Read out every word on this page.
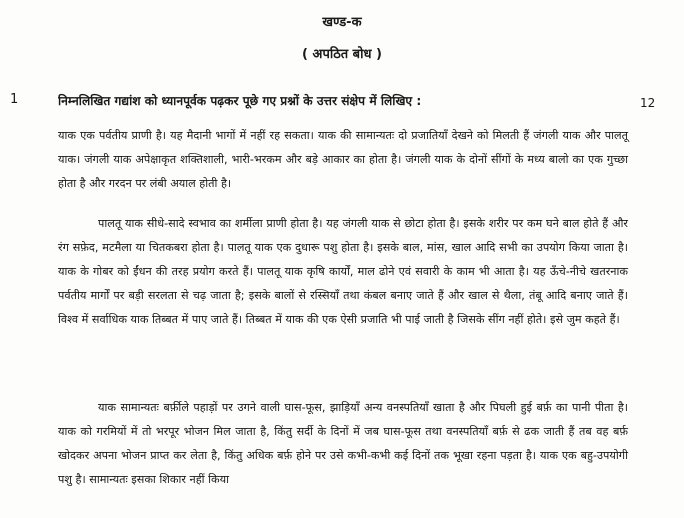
खण्ड-क
( अपठित बोध )
1	निम्नलिखित गद्यांश को ध्यानपूर्वक पढ़कर पूछे गए प्रश्नों के उत्तर संक्षेप में लिखिए :	12
याक एक पर्वतीय प्राणी है। यह मैदानी भागों में नहीं रह सकता। याक की सामान्यतः दो प्रजातियाँ देखने को मिलती हैं जंगली याक और पालतू याक। जंगली याक अपेक्षाकृत शक्तिशाली, भारी-भरकम और बड़े आकार का होता है। जंगली याक के दोनों सींगों के मध्य बालो का एक गुच्छा होता है और गरदन पर लंबी अयाल होती है।
पालतू याक सीधे-सादे स्वभाव का शर्मीला प्राणी होता है। यह जंगली याक से छोटा होता है। इसके शरीर पर कम घने बाल होते हैं और रंग सफ़ेद, मटमैला या चितकबरा होता है। पालतू याक एक दुधारू पशु होता है। इसके बाल, मांस, खाल आदि सभी का उपयोग किया जाता है। याक के गोबर को ईंधन की तरह प्रयोग करते हैं। पालतू याक कृषि कार्यों, माल ढोने एवं सवारी के काम भी आता है। यह ऊँचे-नीचे खतरनाक पर्वतीय मार्गों पर बड़ी सरलता से चढ़ जाता है; इसके बालों से रस्सियाँ तथा कंबल बनाए जाते हैं और खाल से थैला, तंबू आदि बनाए जाते हैं। विश्व में सर्वाधिक याक तिब्बत में पाए जाते हैं। तिब्बत में याक की एक ऐसी प्रजाति भी पाई जाती है जिसके सींग नहीं होते। इसे जुम कहते हैं।
याक सामान्यतः बर्फ़ीले पहाड़ों पर उगने वाली घास-फूस, झाड़ियाँ अन्य वनस्पतियाँ खाता है और पिघली हुई बर्फ़ का पानी पीता है। याक को गरमियों में तो भरपूर भोजन मिल जाता है, किंतु सर्दी के दिनों में जब घास-फूस तथा वनस्पतियाँ बर्फ़ से ढक जाती हैं तब वह बर्फ़ खोदकर अपना भोजन प्राप्त कर लेता है, किंतु अधिक बर्फ़ होने पर उसे कभी-कभी कई दिनों तक भूखा रहना पड़ता है। याक एक बहु-उपयोगी पशु है। सामान्यतः इसका शिकार नहीं किया
